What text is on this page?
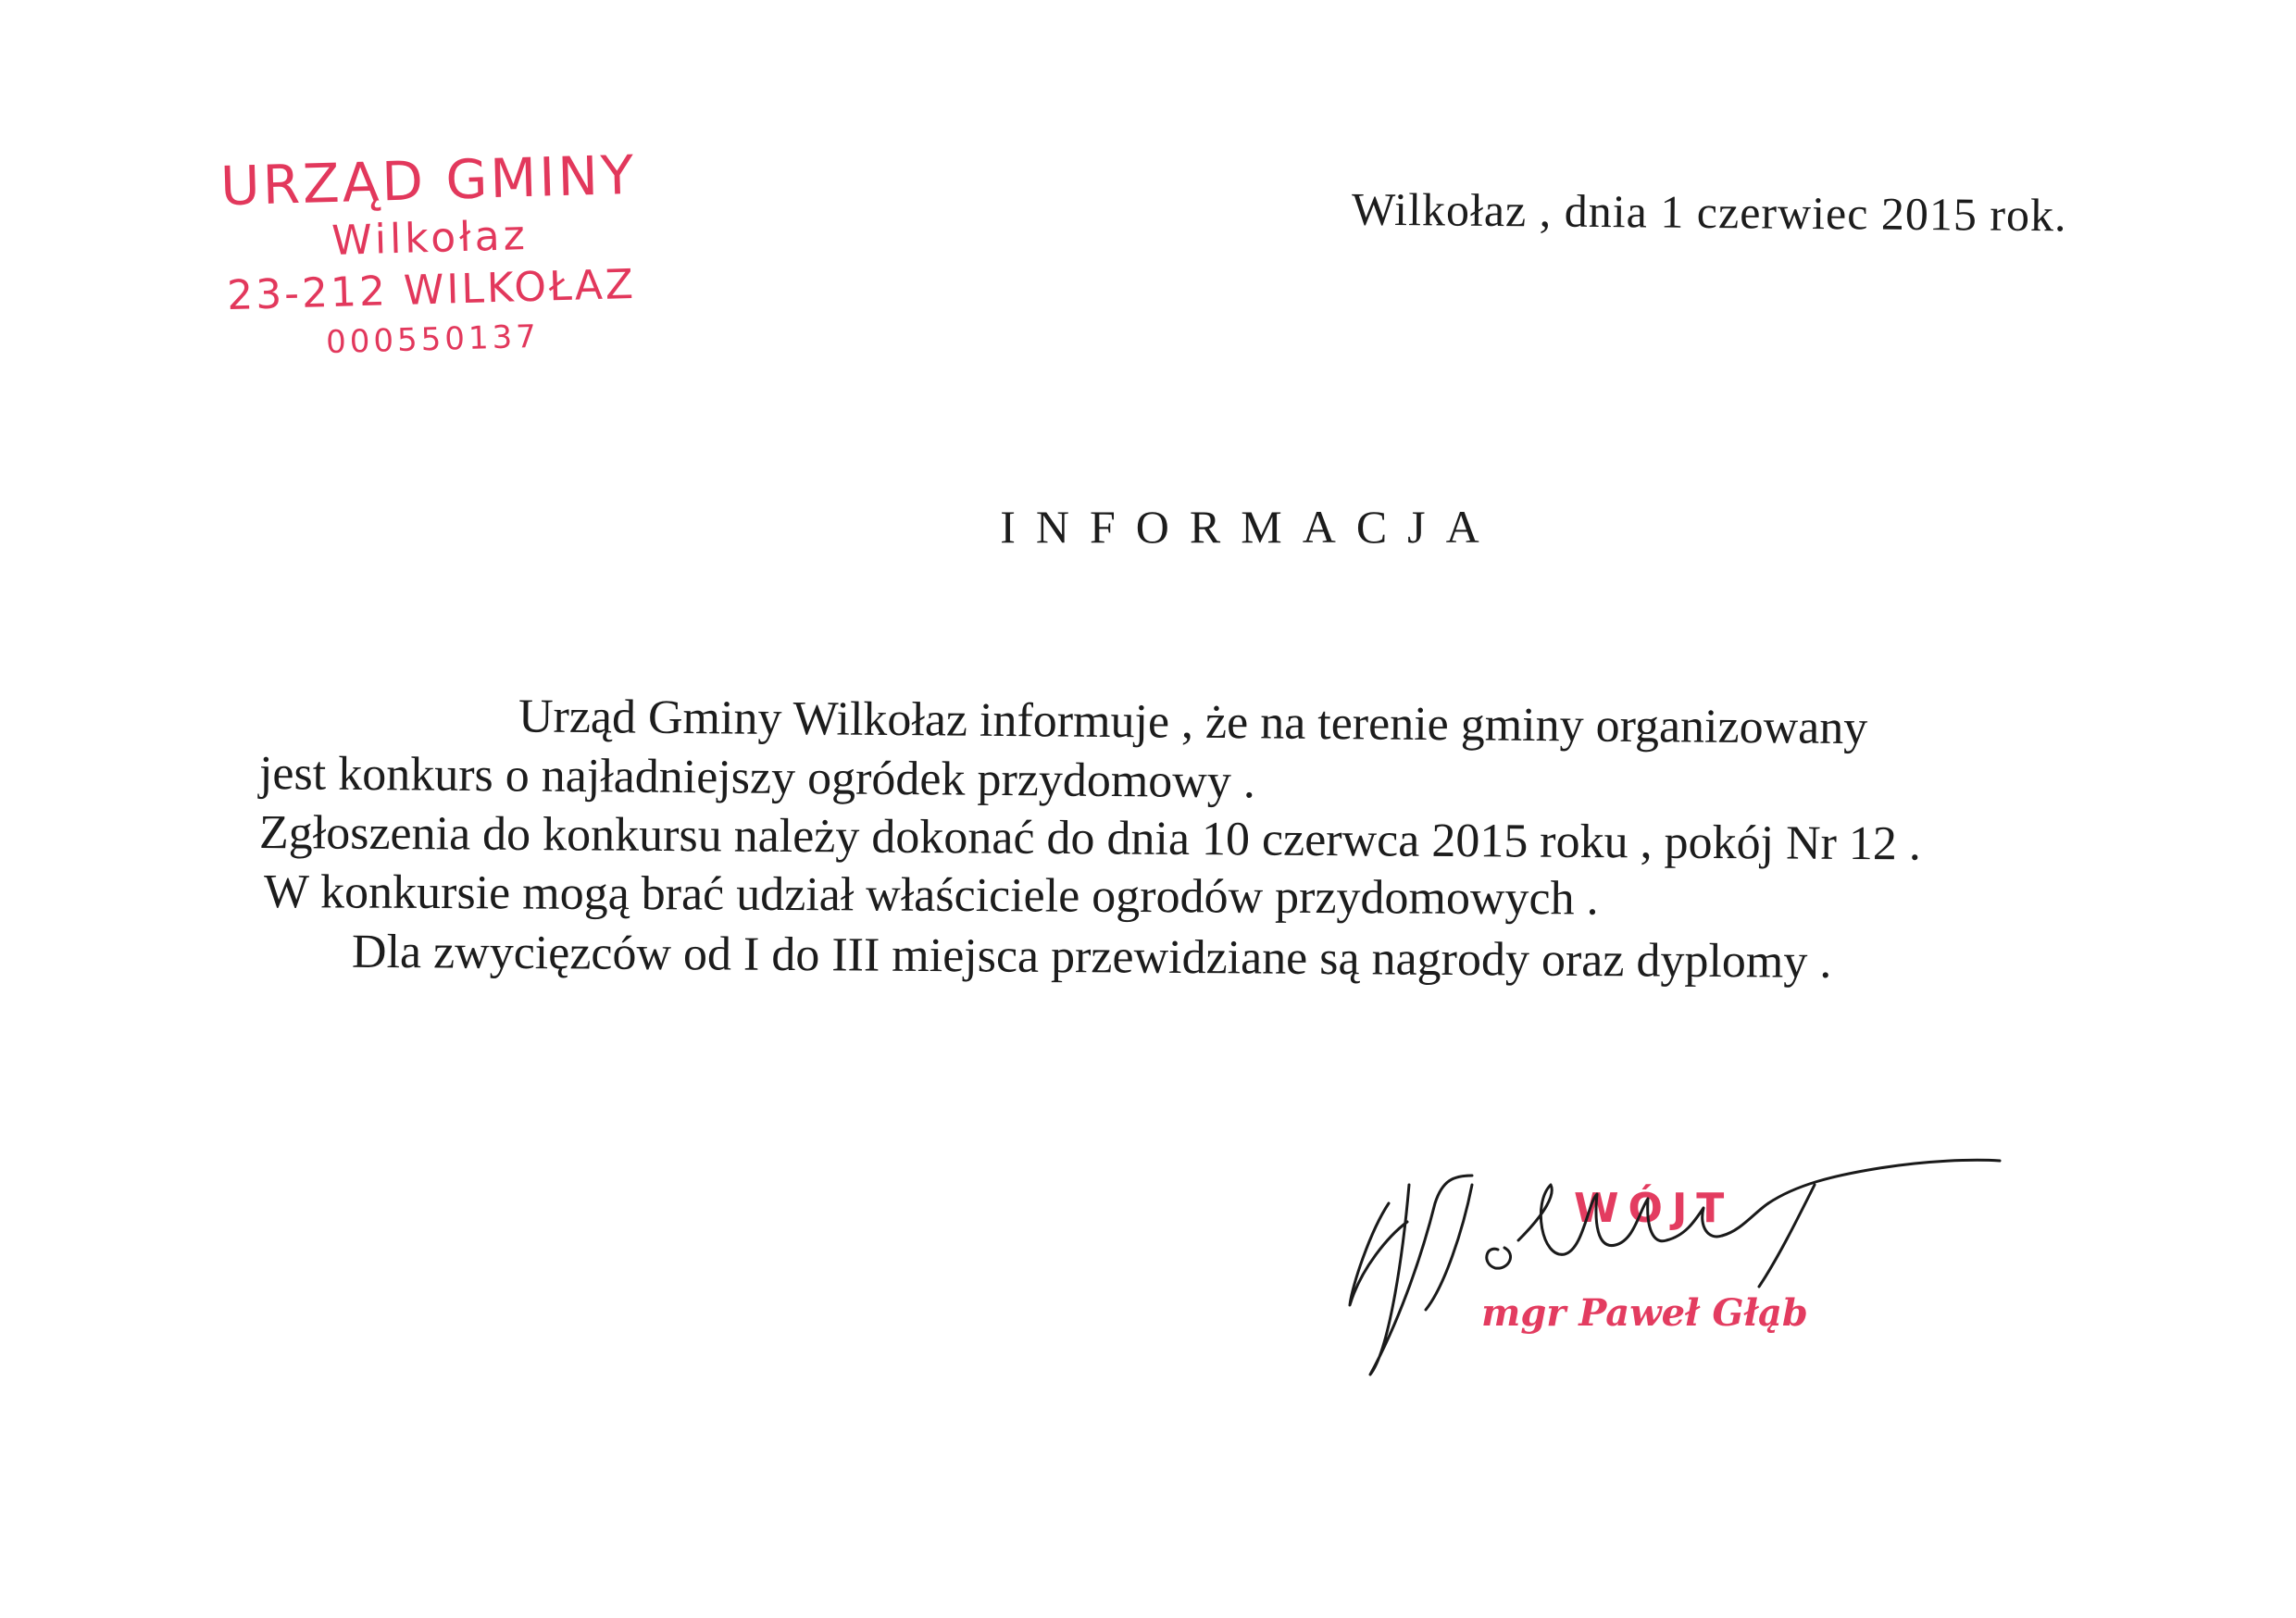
URZĄD GMINY
Wilkołaz
23-212 WILKOŁAZ
000550137
Wilkołaz , dnia 1 czerwiec 2015 rok.
INFORMACJA
Urząd Gminy Wilkołaz informuje , że na terenie gminy organizowany
jest konkurs o najładniejszy ogródek przydomowy .
Zgłoszenia do konkursu należy dokonać do dnia 10 czerwca 2015 roku , pokój Nr 12 .
W konkursie mogą brać udział właściciele ogrodów przydomowych .
Dla zwycięzców od I do III miejsca przewidziane są nagrody oraz dyplomy .
WÓJT
mgr Paweł Głąb
